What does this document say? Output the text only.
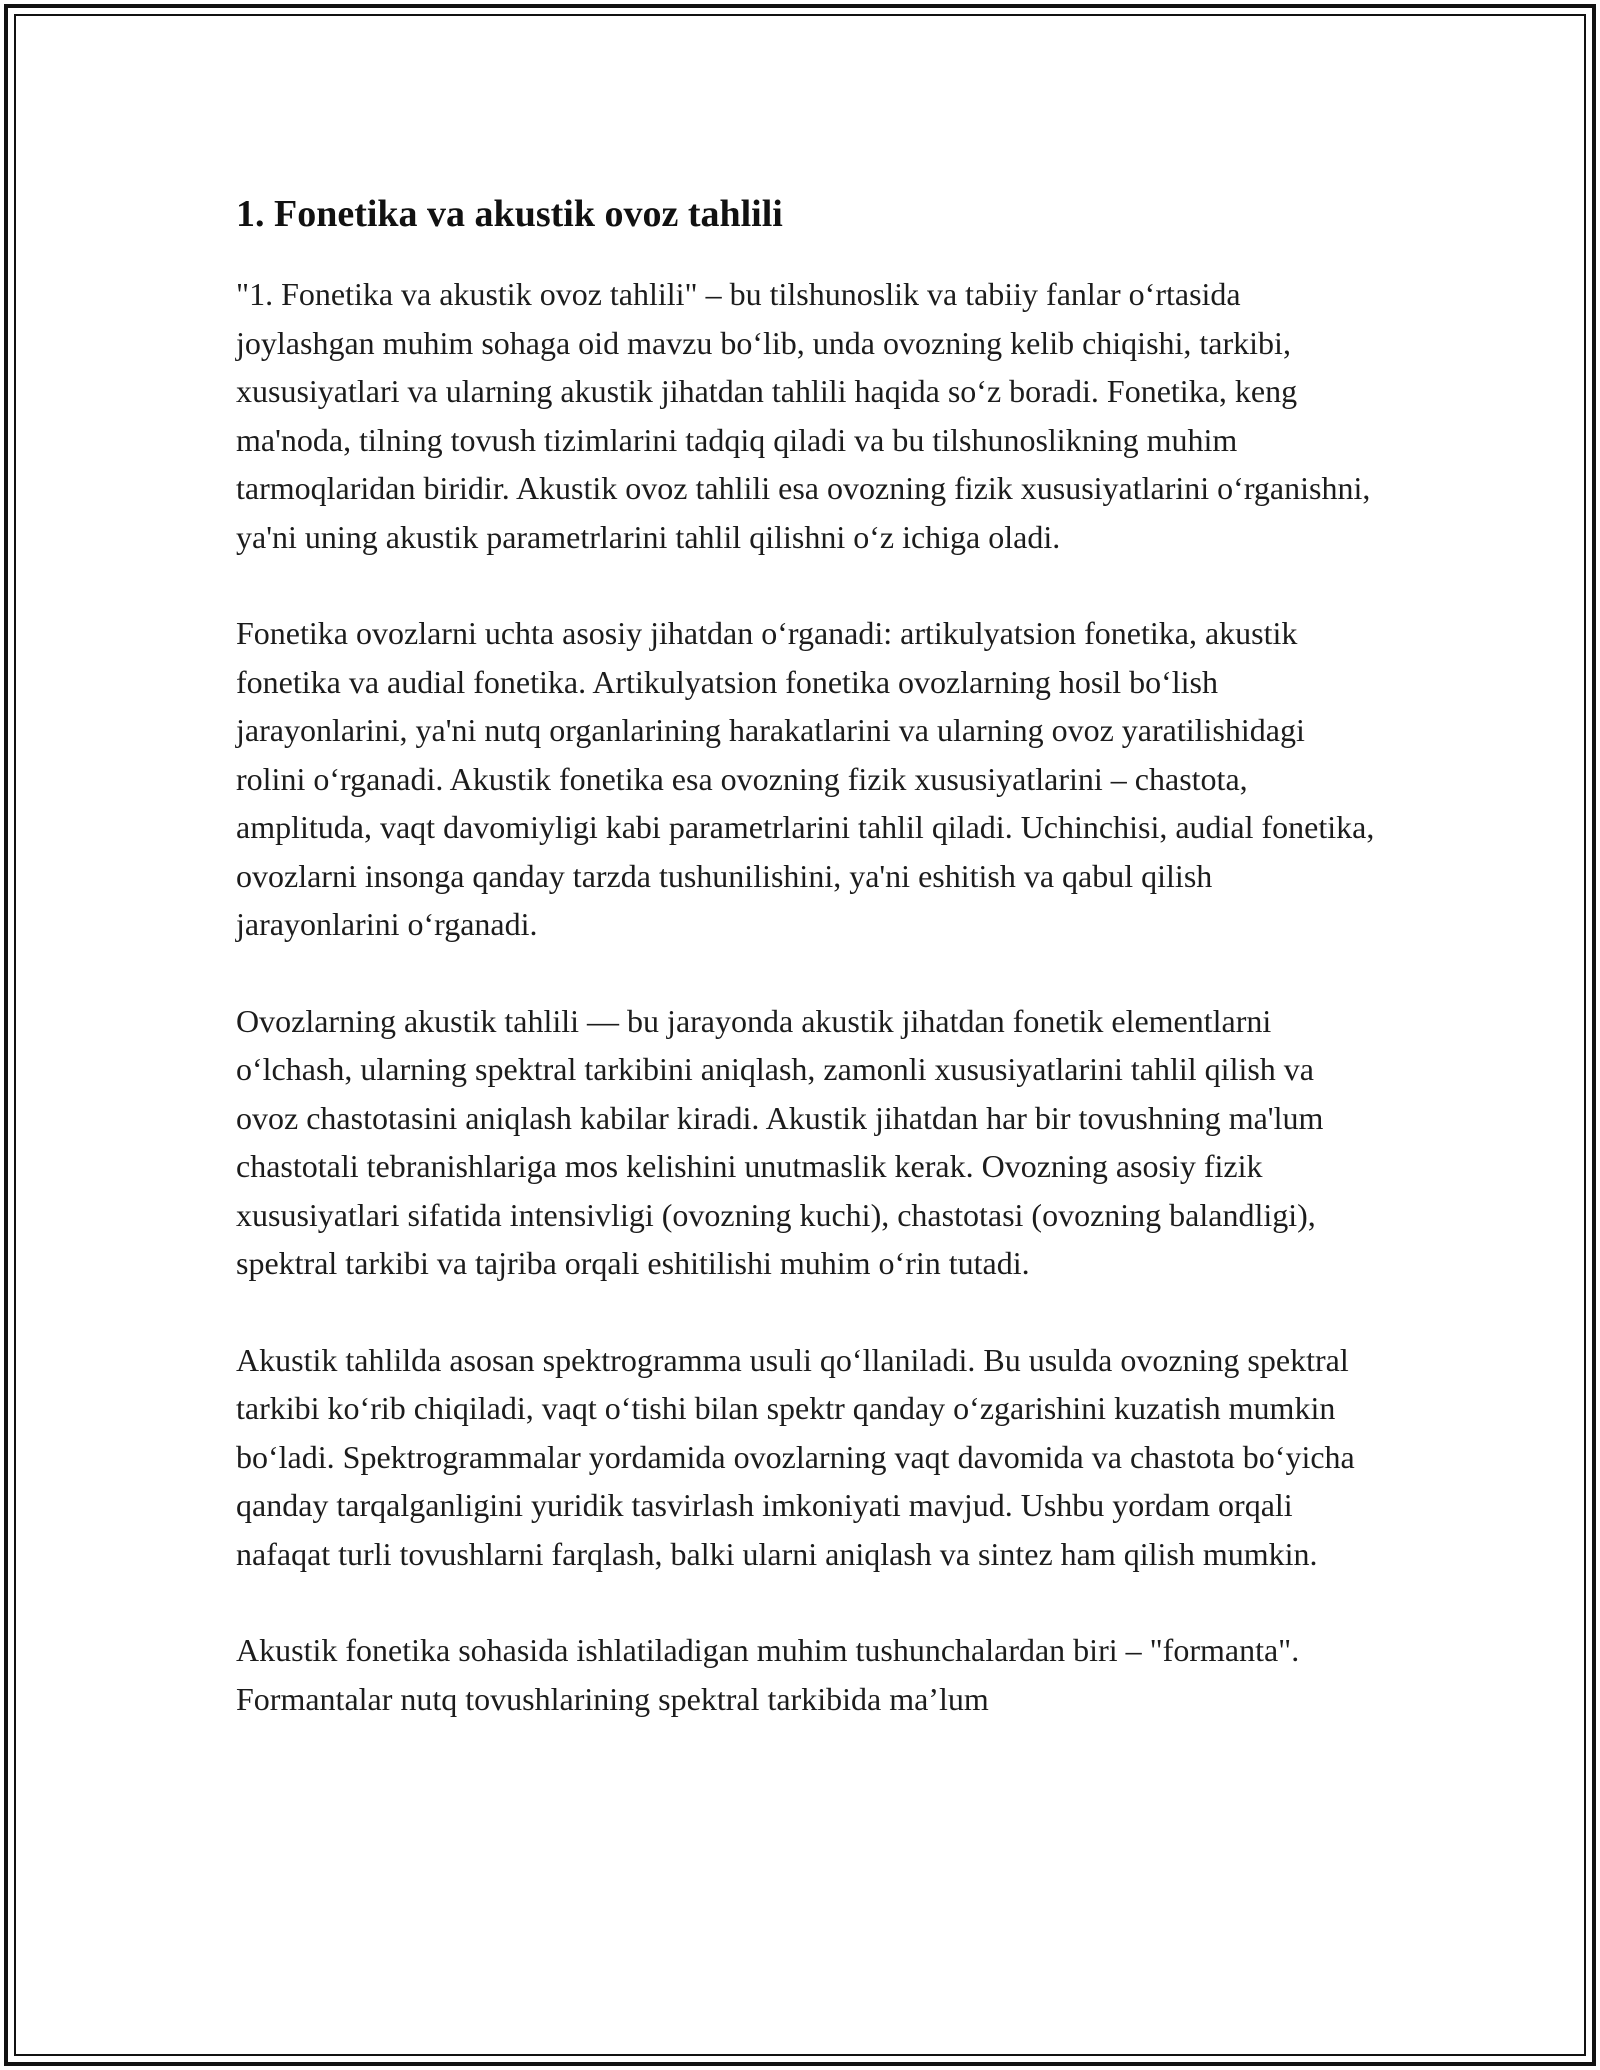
1. Fonetika va akustik ovoz tahlili

"1. Fonetika va akustik ovoz tahlili" – bu tilshunoslik va tabiiy fanlar o‘rtasida joylashgan muhim sohaga oid mavzu bo‘lib, unda ovozning kelib chiqishi, tarkibi, xususiyatlari va ularning akustik jihatdan tahlili haqida so‘z boradi. Fonetika, keng ma'noda, tilning tovush tizimlarini tadqiq qiladi va bu tilshunoslikning muhim tarmoqlaridan biridir. Akustik ovoz tahlili esa ovozning fizik xususiyatlarini o‘rganishni, ya'ni uning akustik parametrlarini tahlil qilishni o‘z ichiga oladi.

Fonetika ovozlarni uchta asosiy jihatdan o‘rganadi: artikulyatsion fonetika, akustik fonetika va audial fonetika. Artikulyatsion fonetika ovozlarning hosil bo‘lish jarayonlarini, ya'ni nutq organlarining harakatlarini va ularning ovoz yaratilishidagi rolini o‘rganadi. Akustik fonetika esa ovozning fizik xususiyatlarini – chastota, amplituda, vaqt davomiyligi kabi parametrlarini tahlil qiladi. Uchinchisi, audial fonetika, ovozlarni insonga qanday tarzda tushunilishini, ya'ni eshitish va qabul qilish jarayonlarini o‘rganadi.

Ovozlarning akustik tahlili — bu jarayonda akustik jihatdan fonetik elementlarni o‘lchash, ularning spektral tarkibini aniqlash, zamonli xususiyatlarini tahlil qilish va ovoz chastotasini aniqlash kabilar kiradi. Akustik jihatdan har bir tovushning ma'lum chastotali tebranishlariga mos kelishini unutmaslik kerak. Ovozning asosiy fizik xususiyatlari sifatida intensivligi (ovozning kuchi), chastotasi (ovozning balandligi), spektral tarkibi va tajriba orqali eshitilishi muhim o‘rin tutadi.

Akustik tahlilda asosan spektrogramma usuli qo‘llaniladi. Bu usulda ovozning spektral tarkibi ko‘rib chiqiladi, vaqt o‘tishi bilan spektr qanday o‘zgarishini kuzatish mumkin bo‘ladi. Spektrogrammalar yordamida ovozlarning vaqt davomida va chastota bo‘yicha qanday tarqalganligini yuridik tasvirlash imkoniyati mavjud. Ushbu yordam orqali nafaqat turli tovushlarni farqlash, balki ularni aniqlash va sintez ham qilish mumkin.

Akustik fonetika sohasida ishlatiladigan muhim tushunchalardan biri – "formanta". Formantalar nutq tovushlarining spektral tarkibida ma’lum
